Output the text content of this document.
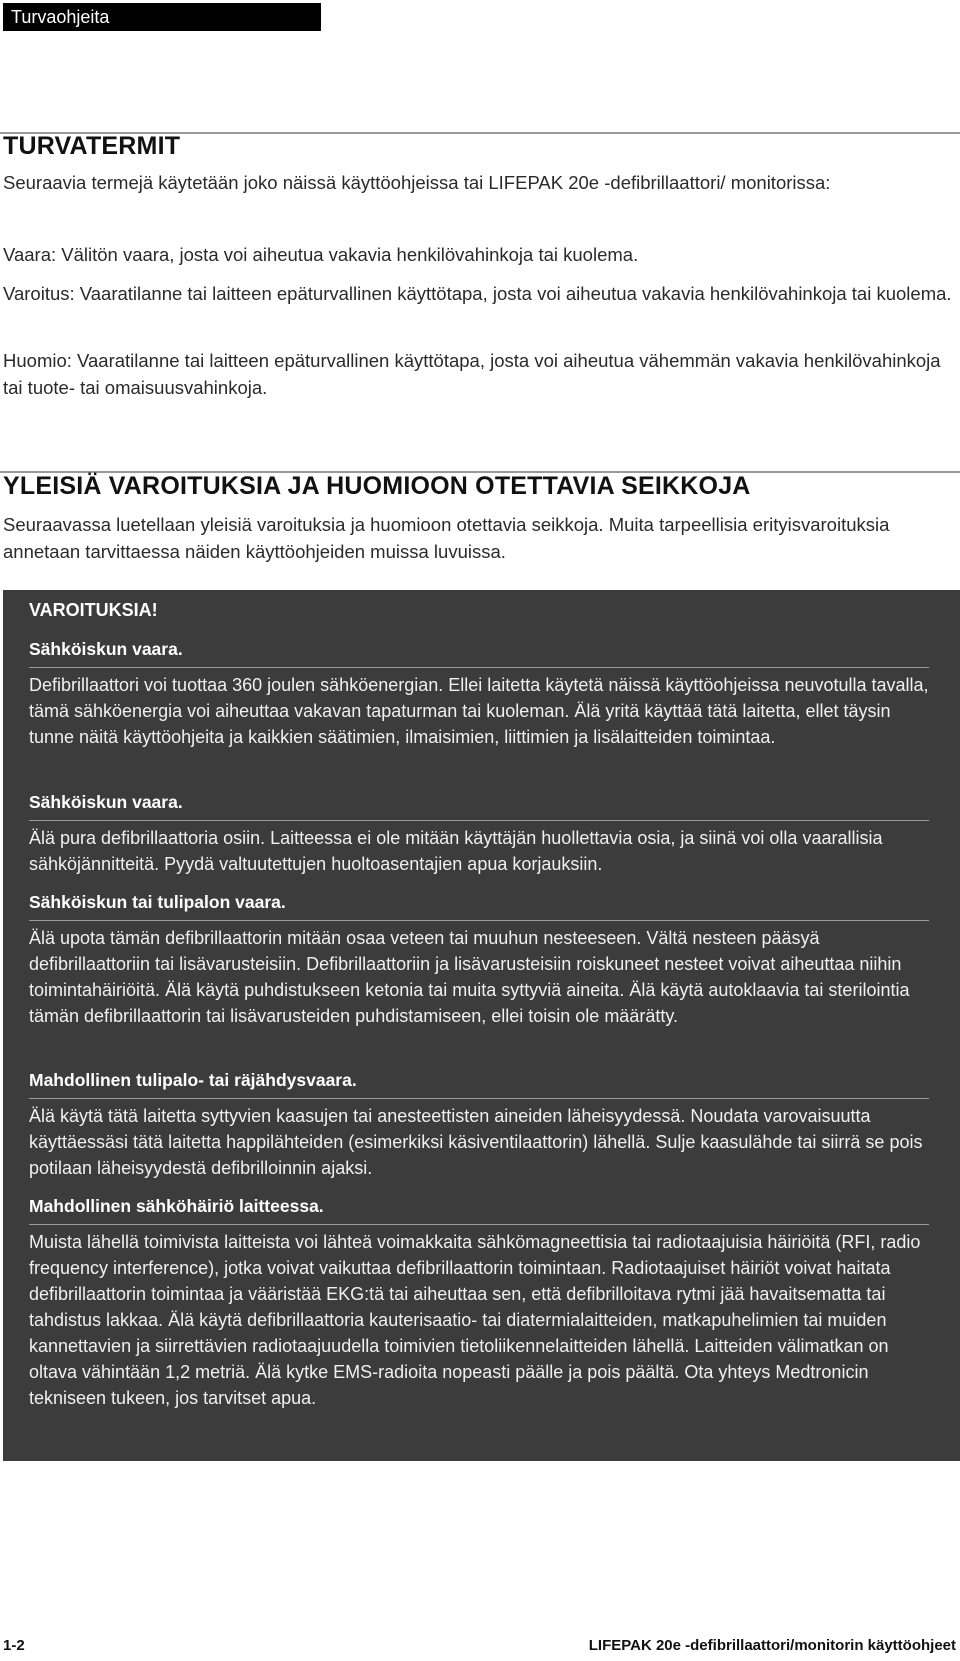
Turvaohjeita
TURVATERMIT
Seuraavia termejä käytetään joko näissä käyttöohjeissa tai LIFEPAK 20e -defibrillaattori/ monitorissa:
Vaara: Välitön vaara, josta voi aiheutua vakavia henkilövahinkoja tai kuolema.
Varoitus: Vaaratilanne tai laitteen epäturvallinen käyttötapa, josta voi aiheutua vakavia henkilövahinkoja tai kuolema.
Huomio: Vaaratilanne tai laitteen epäturvallinen käyttötapa, josta voi aiheutua vähemmän vakavia henkilövahinkoja tai tuote- tai omaisuusvahinkoja.
YLEISIÄ VAROITUKSIA JA HUOMIOON OTETTAVIA SEIKKOJA
Seuraavassa luetellaan yleisiä varoituksia ja huomioon otettavia seikkoja. Muita tarpeellisia erityisvaroituksia annetaan tarvittaessa näiden käyttöohjeiden muissa luvuissa.
VAROITUKSIA!
Sähköiskun vaara.
Defibrillaattori voi tuottaa 360 joulen sähköenergian. Ellei laitetta käytetä näissä käyttöohjeissa neuvotulla tavalla, tämä sähköenergia voi aiheuttaa vakavan tapaturman tai kuoleman. Älä yritä käyttää tätä laitetta, ellet täysin tunne näitä käyttöohjeita ja kaikkien säätimien, ilmaisimien, liittimien ja lisälaitteiden toimintaa.
Sähköiskun vaara.
Älä pura defibrillaattoria osiin. Laitteessa ei ole mitään käyttäjän huollettavia osia, ja siinä voi olla vaarallisia sähköjännitteitä. Pyydä valtuutettujen huoltoasentajien apua korjauksiin.
Sähköiskun tai tulipalon vaara.
Älä upota tämän defibrillaattorin mitään osaa veteen tai muuhun nesteeseen. Vältä nesteen pääsyä defibrillaattoriin tai lisävarusteisiin. Defibrillaattoriin ja lisävarusteisiin roiskuneet nesteet voivat aiheuttaa niihin toimintahäiriöitä. Älä käytä puhdistukseen ketonia tai muita syttyviä aineita. Älä käytä autoklaavia tai sterilointia tämän defibrillaattorin tai lisävarusteiden puhdistamiseen, ellei toisin ole määrätty.
Mahdollinen tulipalo- tai räjähdysvaara.
Älä käytä tätä laitetta syttyvien kaasujen tai anesteettisten aineiden läheisyydessä. Noudata varovaisuutta käyttäessäsi tätä laitetta happilähteiden (esimerkiksi käsiventilaattorin) lähellä. Sulje kaasulähde tai siirrä se pois potilaan läheisyydestä defibrilloinnin ajaksi.
Mahdollinen sähköhäiriö laitteessa.
Muista lähellä toimivista laitteista voi lähteä voimakkaita sähkömagneettisia tai radiotaajuisia häiriöitä (RFI, radio frequency interference), jotka voivat vaikuttaa defibrillaattorin toimintaan. Radiotaajuiset häiriöt voivat haitata defibrillaattorin toimintaa ja vääristää EKG:tä tai aiheuttaa sen, että defibrilloitava rytmi jää havaitsematta tai tahdistus lakkaa. Älä käytä defibrillaattoria kauterisaatio- tai diatermialaitteiden, matkapuhelimien tai muiden kannettavien ja siirrettävien radiotaajuudella toimivien tietoliikennelaitteiden lähellä. Laitteiden välimatkan on oltava vähintään 1,2 metriä. Älä kytke EMS-radioita nopeasti päälle ja pois päältä. Ota yhteys Medtronicin tekniseen tukeen, jos tarvitset apua.
1-2	LIFEPAK 20e -defibrillaattori/monitorin käyttöohjeet
